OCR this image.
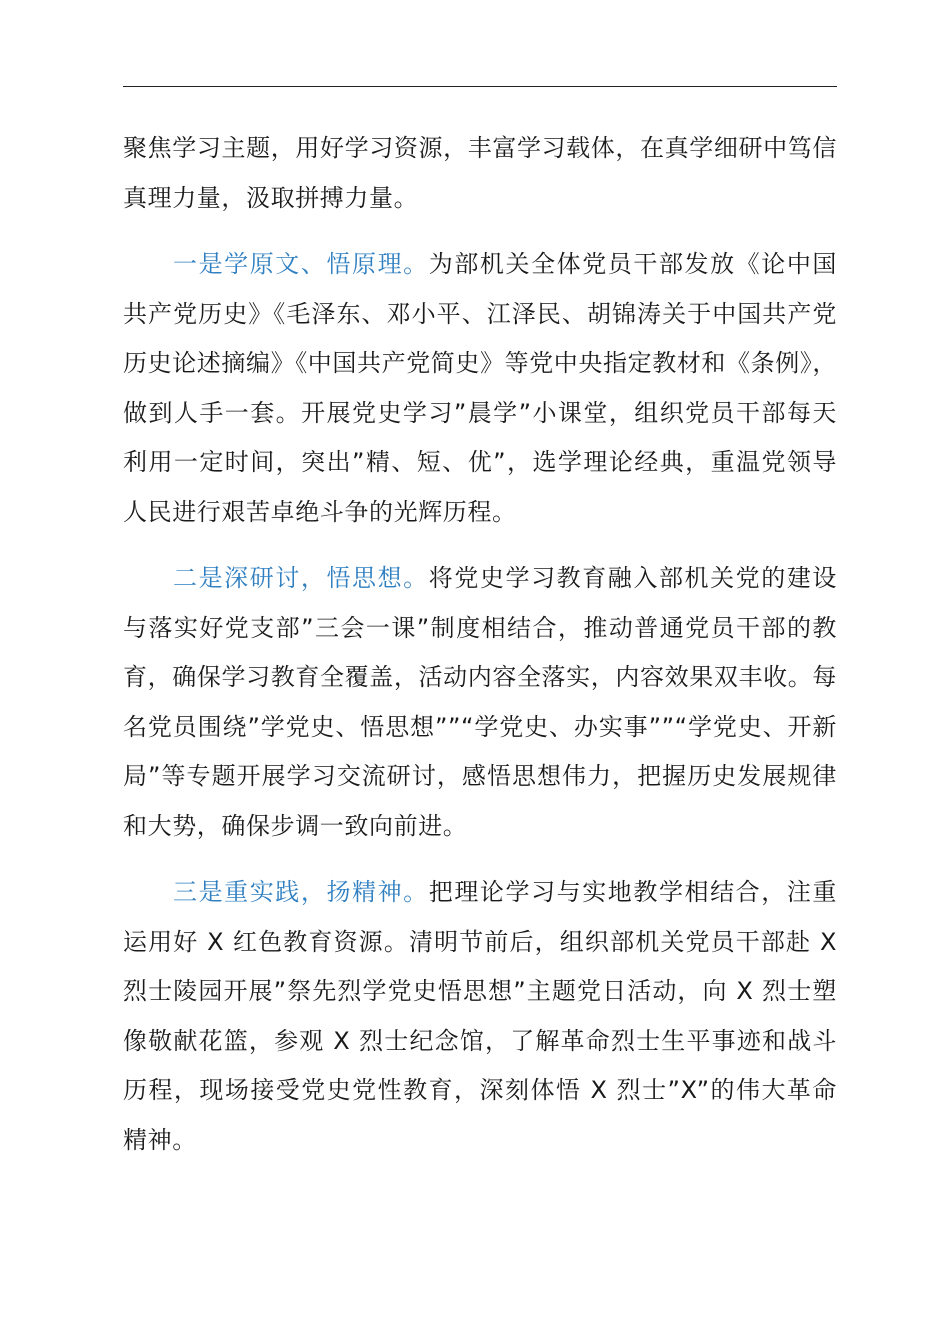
聚焦学习主题，用好学习资源，丰富学习载体，在真学细研中笃信真理力量，汲取拼搏力量。

一是学原文、悟原理。为部机关全体党员干部发放《论中国共产党历史》《毛泽东、邓小平、江泽民、胡锦涛关于中国共产党历史论述摘编》《中国共产党简史》等党中央指定教材和《条例》，做到人手一套。开展党史学习”晨学”小课堂，组织党员干部每天利用一定时间，突出”精、短、优”，选学理论经典，重温党领导人民进行艰苦卓绝斗争的光辉历程。

二是深研讨，悟思想。将党史学习教育融入部机关党的建设与落实好党支部”三会一课”制度相结合，推动普通党员干部的教育，确保学习教育全覆盖，活动内容全落实，内容效果双丰收。每名党员围绕”学党史、悟思想””“学党史、办实事””“学党史、开新局”等专题开展学习交流研讨，感悟思想伟力，把握历史发展规律和大势，确保步调一致向前进。

三是重实践，扬精神。把理论学习与实地教学相结合，注重运用好 X 红色教育资源。清明节前后，组织部机关党员干部赴 X 烈士陵园开展”祭先烈学党史悟思想”主题党日活动，向 X 烈士塑像敬献花篮，参观 X 烈士纪念馆，了解革命烈士生平事迹和战斗历程，现场接受党史党性教育，深刻体悟 X 烈士”X”的伟大革命精神。
